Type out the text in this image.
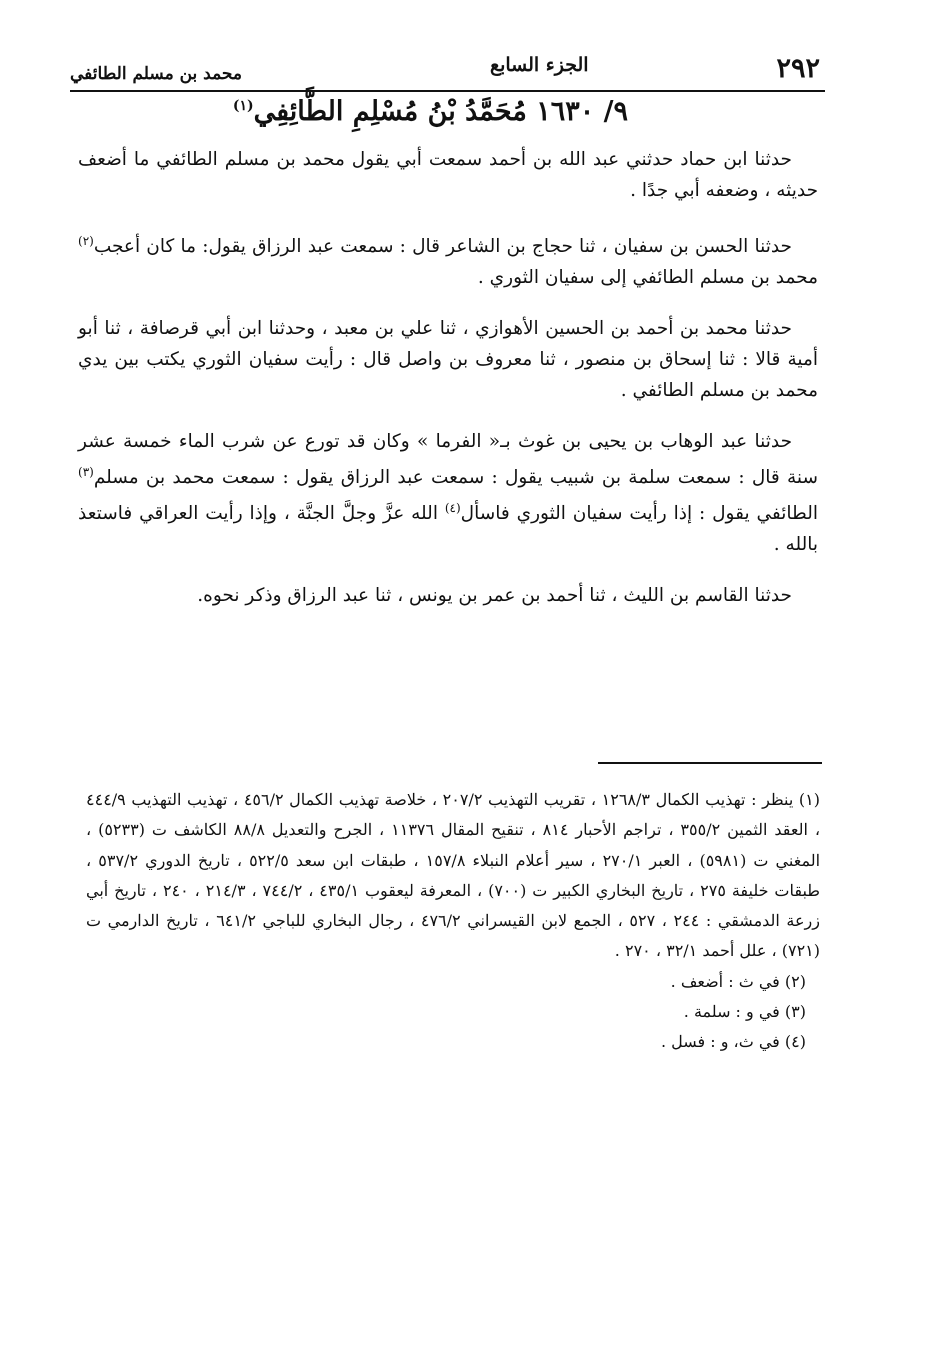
٢٩٢
الجزء السابع
محمد بن مسلم الطائفي
٩/ ١٦٣٠ مُحَمَّدُ بْنُ مُسْلِمِ الطَّائِفِي$^{(١)}$

حدثنا ابن حماد حدثني عبد الله بن أحمد سمعت أبي يقول محمد بن مسلم الطائفي ما أضعف حديثه ، وضعفه أبي جدًا .

حدثنا الحسن بن سفيان ، ثنا حجاج بن الشاعر قال : سمعت عبد الرزاق يقول: ما كان أعجب$^{(٢)}$ محمد بن مسلم الطائفي إلى سفيان الثوري .

حدثنا محمد بن أحمد بن الحسين الأهوازي ، ثنا علي بن معبد ، وحدثنا ابن أبي قرصافة ، ثنا أبو أمية قالا : ثنا إسحاق بن منصور ، ثنا معروف بن واصل قال : رأيت سفيان الثوري يكتب بين يدي محمد بن مسلم الطائفي .

حدثنا عبد الوهاب بن يحيى بن غوث بـ« الفرما » وكان قد تورع عن شرب الماء خمسة عشر سنة قال : سمعت سلمة بن شبيب يقول : سمعت عبد الرزاق يقول : سمعت محمد بن مسلم$^{(٣)}$ الطائفي يقول : إذا رأيت سفيان الثوري فاسأل$^{(٤)}$ الله عزَّ وجلَّ الجنَّة ، وإذا رأيت العراقي فاستعذ بالله .

حدثنا القاسم بن الليث ، ثنا أحمد بن عمر بن يونس ، ثنا عبد الرزاق وذكر نحوه.

(١) ينظر : تهذيب الكمال ١٢٦٨/٣ ، تقريب التهذيب ٢٠٧/٢ ، خلاصة تهذيب الكمال ٤٥٦/٢ ، تهذيب التهذيب ٤٤٤/٩ ، العقد الثمين ٣٥٥/٢ ، تراجم الأحبار ٨١٤ ، تنقيح المقال ١١٣٧٦ ، الجرح والتعديل ٨٨/٨ الكاشف ت (٥٢٣٣) ، المغني ت (٥٩٨١) ، العبر ٢٧٠/١ ، سير أعلام النبلاء ١٥٧/٨ ، طبقات ابن سعد ٥٢٢/٥ ، تاريخ الدوري ٥٣٧/٢ ، طبقات خليفة ٢٧٥ ، تاريخ البخاري الكبير ت (٧٠٠) ، المعرفة ليعقوب ٤٣٥/١ ، ٧٤٤/٢ ، ٢١٤/٣ ، ٢٤٠ ، تاريخ أبي زرعة الدمشقي : ٢٤٤ ، ٥٢٧ ، الجمع لابن القيسراني ٤٧٦/٢ ، رجال البخاري للباجي ٦٤١/٢ ، تاريخ الدارمي ت (٧٢١) ، علل أحمد ٣٢/١ ، ٢٧٠ .

(٢) في ث : أضعف .

(٣) في و : سلمة .

(٤) في ث، و : فسل .
